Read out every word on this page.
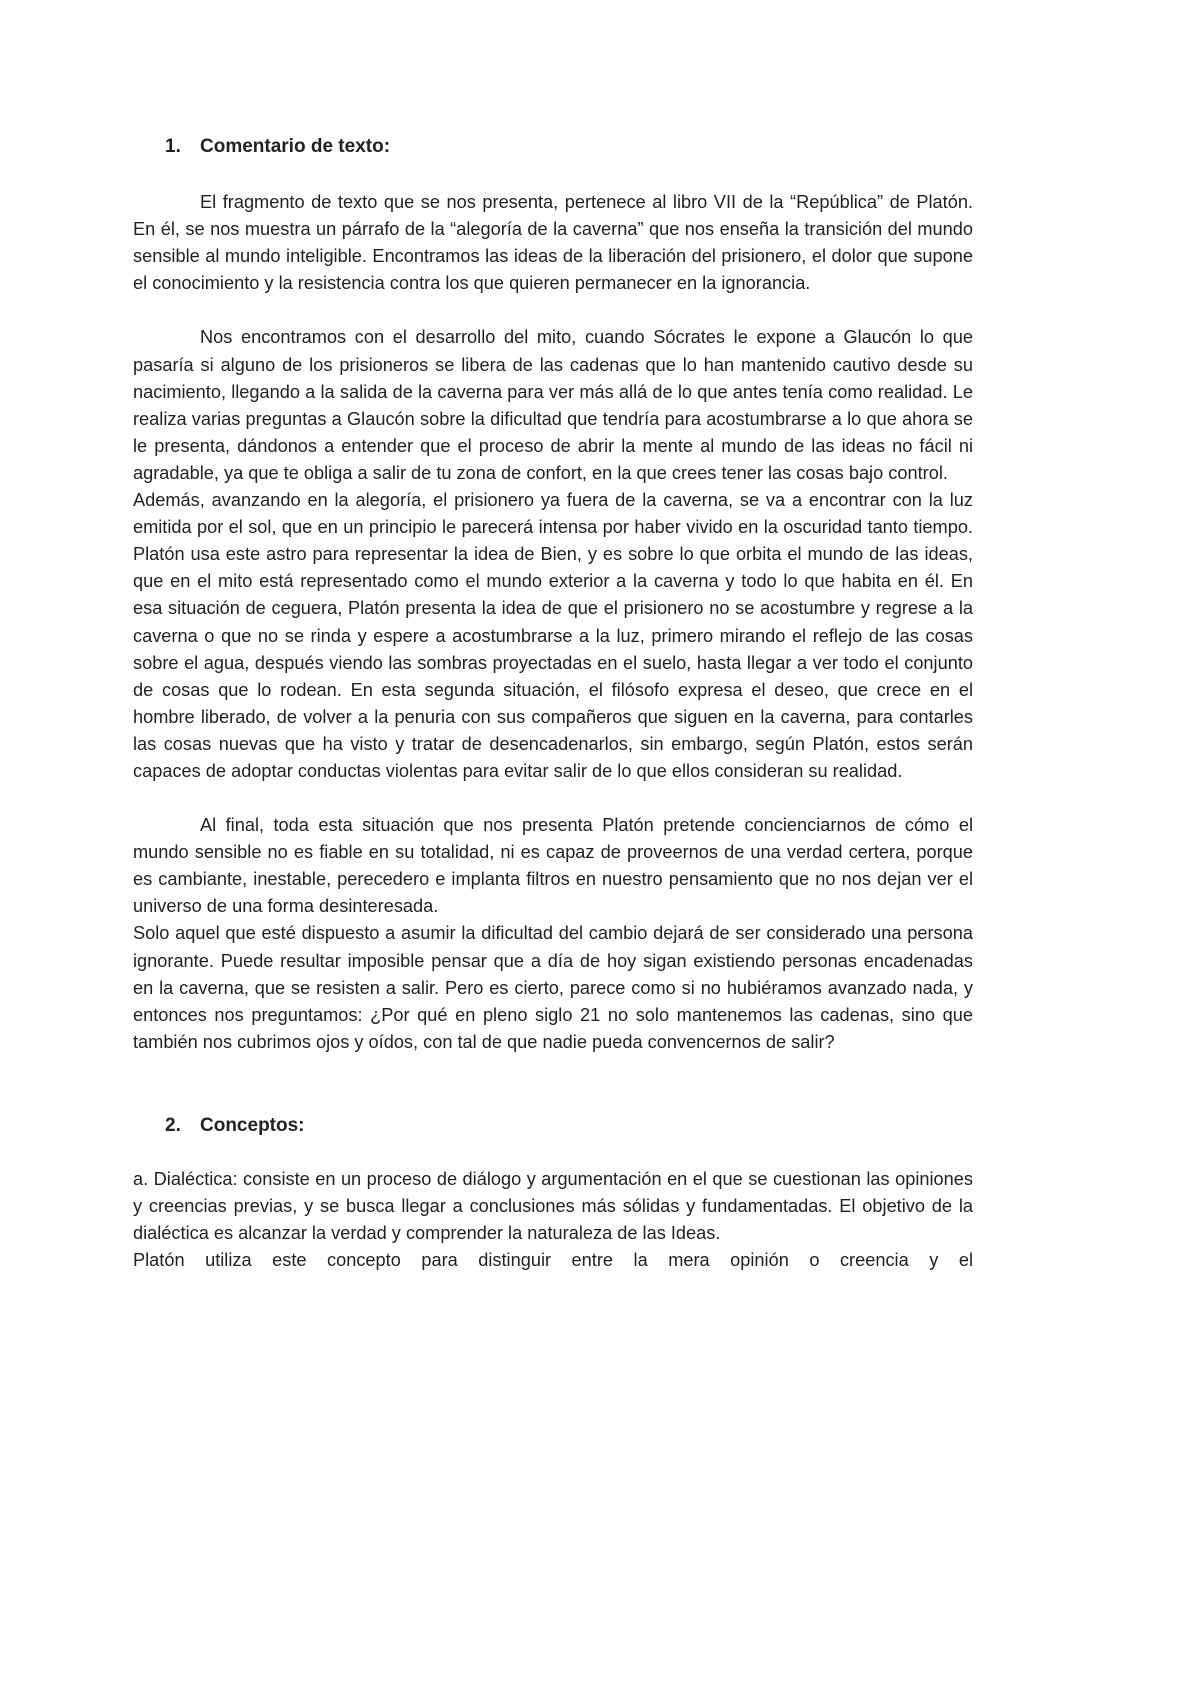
1.	Comentario de texto:

El fragmento de texto que se nos presenta, pertenece al libro VII de la “República” de Platón. En él, se nos muestra un párrafo de la “alegoría de la caverna” que nos enseña la transición del mundo sensible al mundo inteligible. Encontramos las ideas de la liberación del prisionero, el dolor que supone el conocimiento y la resistencia contra los que quieren permanecer en la ignorancia.

Nos encontramos con el desarrollo del mito, cuando Sócrates le expone a Glaucón lo que pasaría si alguno de los prisioneros se libera de las cadenas que lo han mantenido cautivo desde su nacimiento, llegando a la salida de la caverna para ver más allá de lo que antes tenía como realidad. Le realiza varias preguntas a Glaucón sobre la dificultad que tendría para acostumbrarse a lo que ahora se le presenta, dándonos a entender que el proceso de abrir la mente al mundo de las ideas no fácil ni agradable, ya que te obliga a salir de tu zona de confort, en la que crees tener las cosas bajo control.

Además, avanzando en la alegoría, el prisionero ya fuera de la caverna, se va a encontrar con la luz emitida por el sol, que en un principio le parecerá intensa por haber vivido en la oscuridad tanto tiempo. Platón usa este astro para representar la idea de Bien, y es sobre lo que orbita el mundo de las ideas, que en el mito está representado como el mundo exterior a la caverna y todo lo que habita en él. En esa situación de ceguera, Platón presenta la idea de que el prisionero no se acostumbre y regrese a la caverna o que no se rinda y espere a acostumbrarse a la luz, primero mirando el reflejo de las cosas sobre el agua, después viendo las sombras proyectadas en el suelo, hasta llegar a ver todo el conjunto de cosas que lo rodean. En esta segunda situación, el filósofo expresa el deseo, que crece en el hombre liberado, de volver a la penuria con sus compañeros que siguen en la caverna, para contarles las cosas nuevas que ha visto y tratar de desencadenarlos, sin embargo, según Platón, estos serán capaces de adoptar conductas violentas para evitar salir de lo que ellos consideran su realidad.

Al final, toda esta situación que nos presenta Platón pretende concienciarnos de cómo el mundo sensible no es fiable en su totalidad, ni es capaz de proveernos de una verdad certera, porque es cambiante, inestable, perecedero e implanta filtros en nuestro pensamiento que no nos dejan ver el universo de una forma desinteresada.

Solo aquel que esté dispuesto a asumir la dificultad del cambio dejará de ser considerado una persona ignorante. Puede resultar imposible pensar que a día de hoy sigan existiendo personas encadenadas en la caverna, que se resisten a salir. Pero es cierto, parece como si no hubiéramos avanzado nada, y entonces nos preguntamos: ¿Por qué en pleno siglo 21 no solo mantenemos las cadenas, sino que también nos cubrimos ojos y oídos, con tal de que nadie pueda convencernos de salir?

2.	Conceptos:

a. Dialéctica: consiste en un proceso de diálogo y argumentación en el que se cuestionan las opiniones y creencias previas, y se busca llegar a conclusiones más sólidas y fundamentadas. El objetivo de la dialéctica es alcanzar la verdad y comprender la naturaleza de las Ideas.

Platón utiliza este concepto para distinguir entre la mera opinión o creencia y el
